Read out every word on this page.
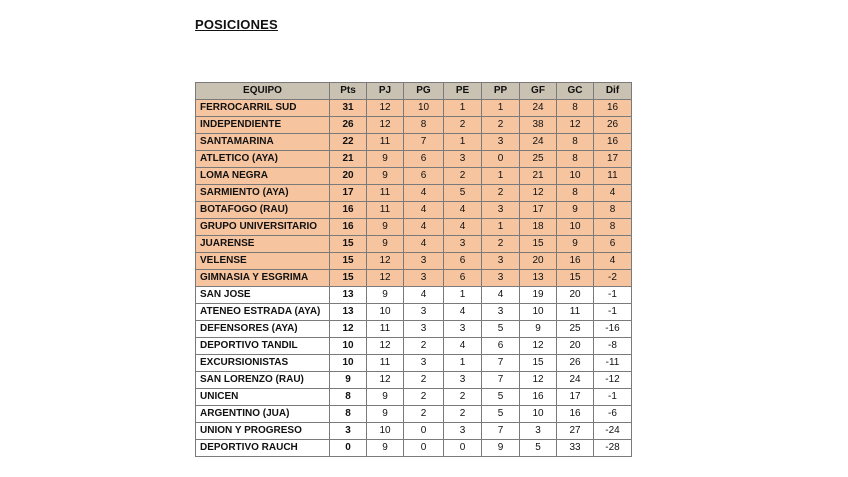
POSICIONES
EQUIPO	Pts	PJ	PG	PE	PP	GF	GC	Dif
FERROCARRIL SUD	31	12	10	1	1	24	8	16
INDEPENDIENTE	26	12	8	2	2	38	12	26
SANTAMARINA	22	11	7	1	3	24	8	16
ATLETICO (AYA)	21	9	6	3	0	25	8	17
LOMA NEGRA	20	9	6	2	1	21	10	11
SARMIENTO (AYA)	17	11	4	5	2	12	8	4
BOTAFOGO (RAU)	16	11	4	4	3	17	9	8
GRUPO UNIVERSITARIO	16	9	4	4	1	18	10	8
JUARENSE	15	9	4	3	2	15	9	6
VELENSE	15	12	3	6	3	20	16	4
GIMNASIA Y ESGRIMA	15	12	3	6	3	13	15	-2
SAN JOSE	13	9	4	1	4	19	20	-1
ATENEO ESTRADA (AYA)	13	10	3	4	3	10	11	-1
DEFENSORES (AYA)	12	11	3	3	5	9	25	-16
DEPORTIVO TANDIL	10	12	2	4	6	12	20	-8
EXCURSIONISTAS	10	11	3	1	7	15	26	-11
SAN LORENZO (RAU)	9	12	2	3	7	12	24	-12
UNICEN	8	9	2	2	5	16	17	-1
ARGENTINO (JUA)	8	9	2	2	5	10	16	-6
UNION Y PROGRESO	3	10	0	3	7	3	27	-24
DEPORTIVO RAUCH	0	9	0	0	9	5	33	-28
